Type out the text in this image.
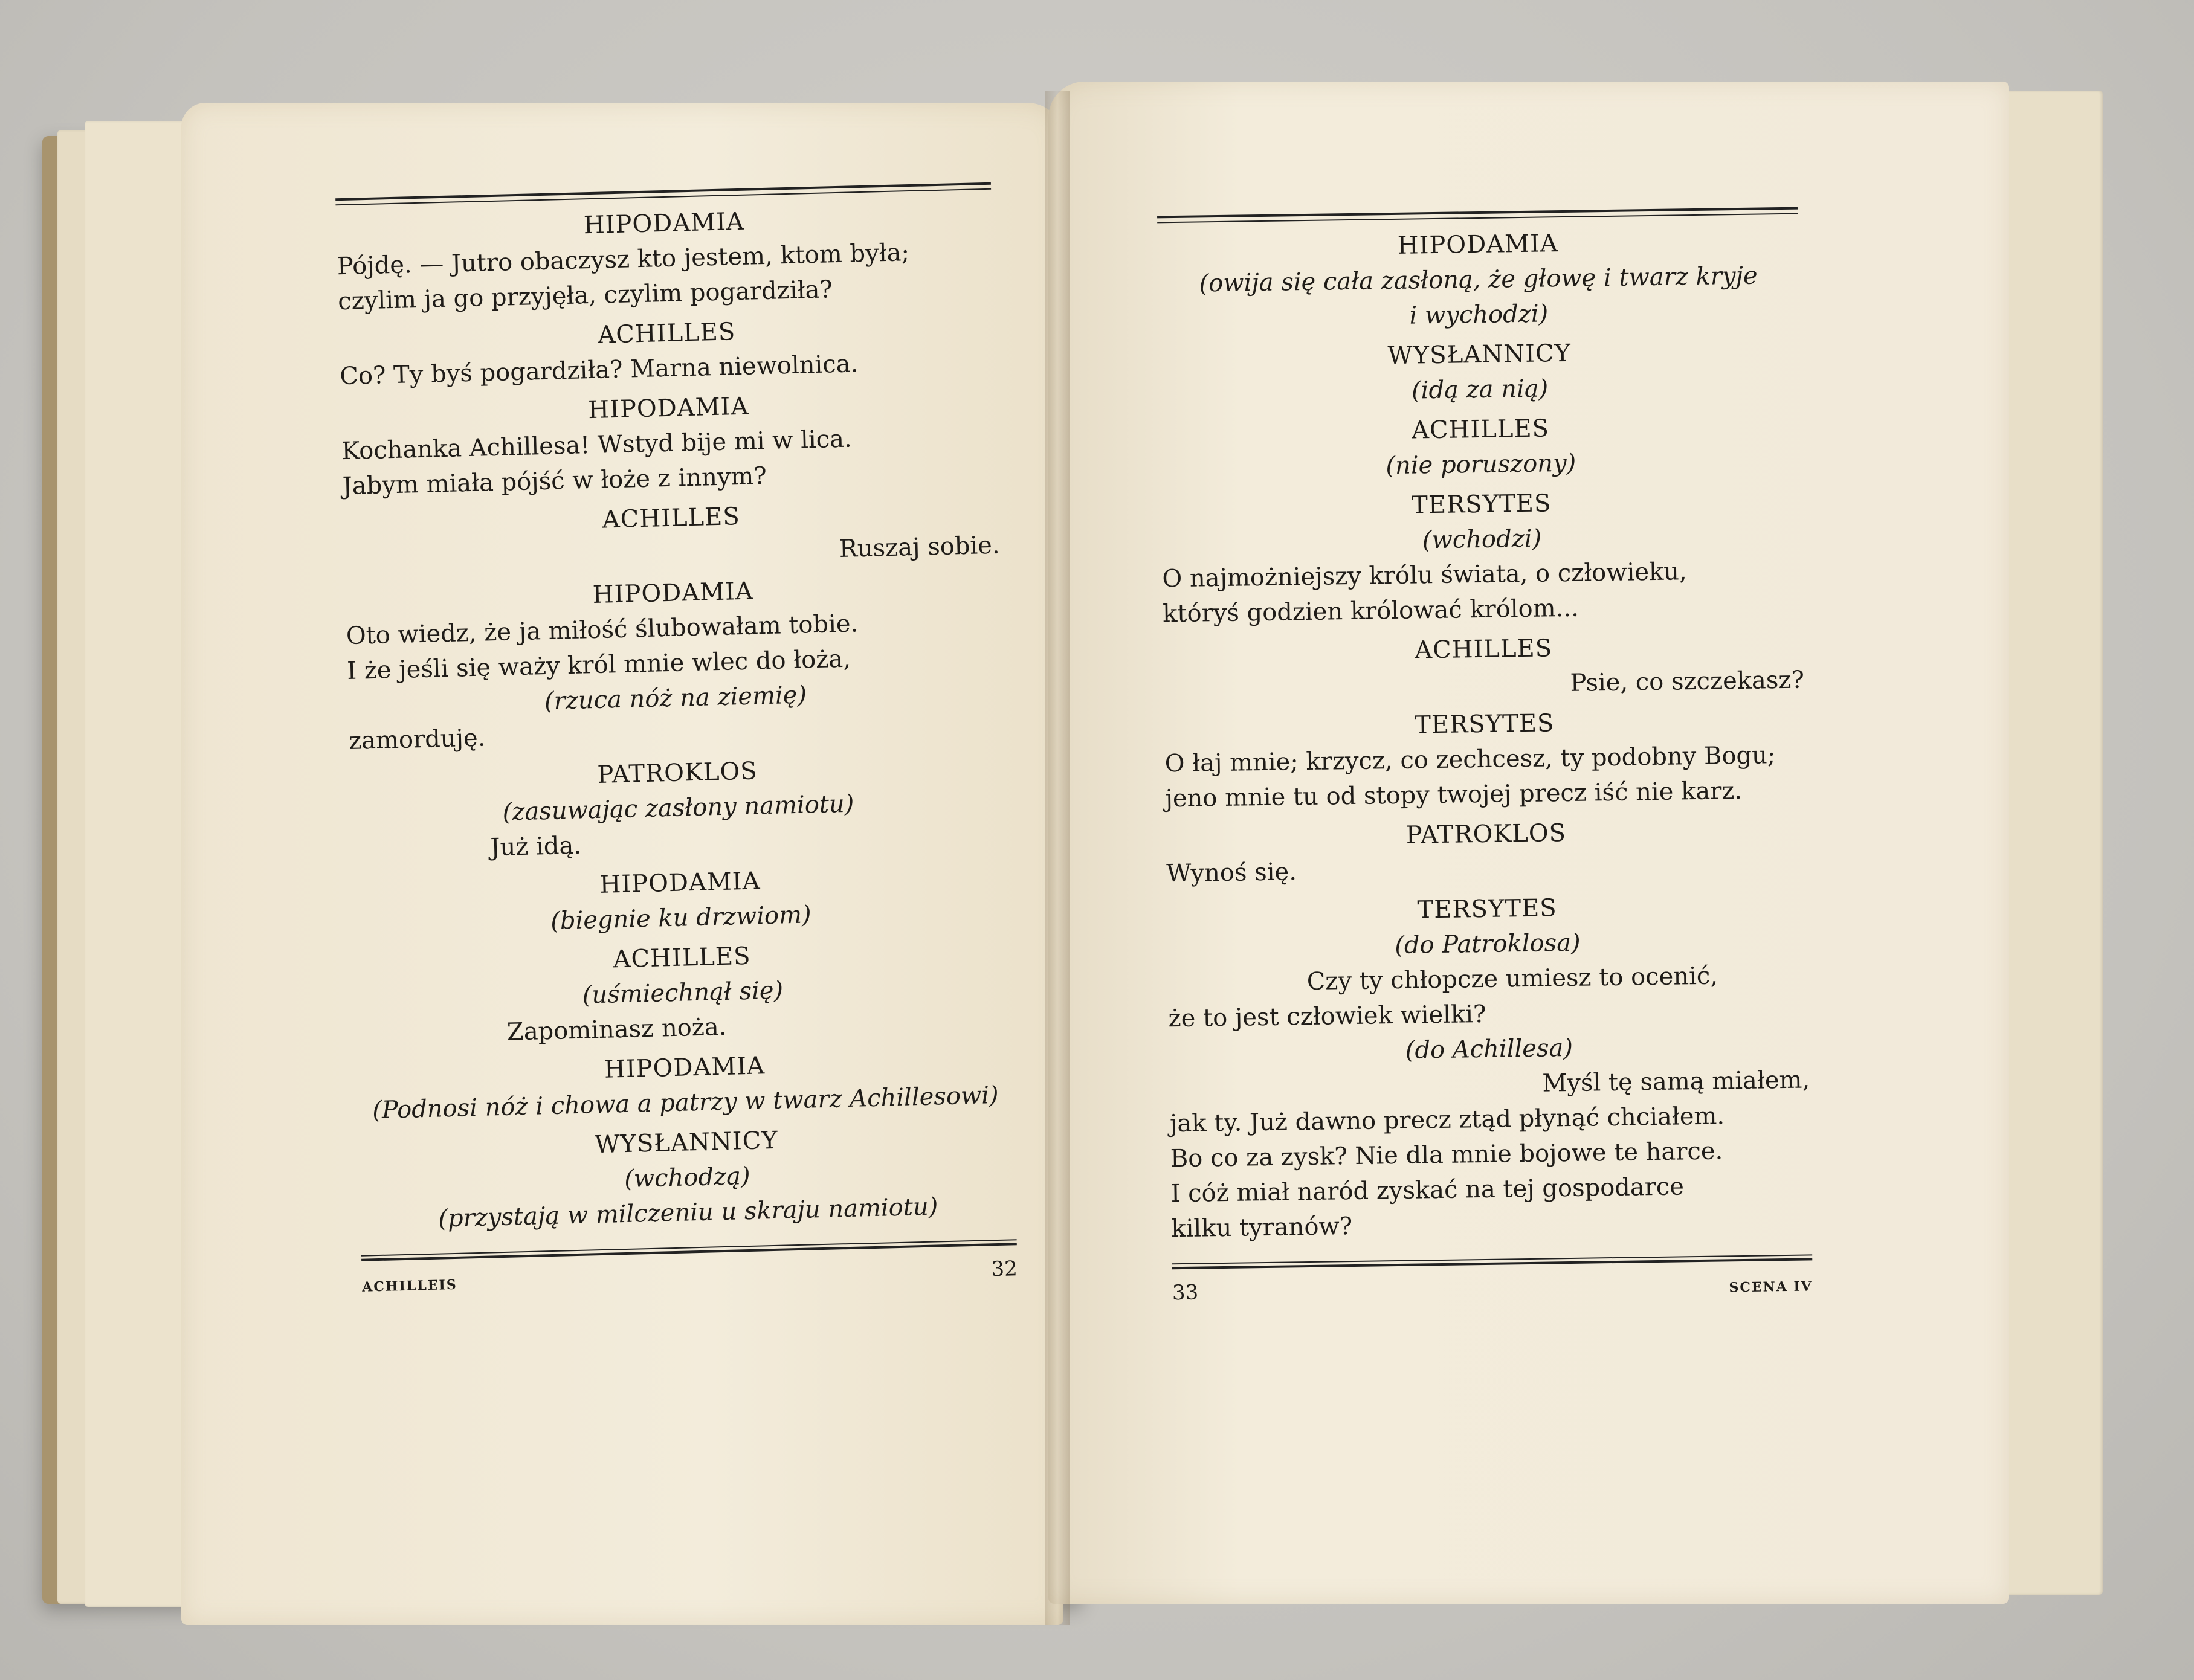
HIPODAMIA
Pójdę. — Jutro obaczysz kto jestem, ktom była;
czylim ja go przyjęła, czylim pogardziła?
ACHILLES
Co? Ty byś pogardziła? Marna niewolnica.
HIPODAMIA
Kochanka Achillesa! Wstyd bije mi w lica.
Jabym miała pójść w łoże z innym?
ACHILLES
Ruszaj sobie.
HIPODAMIA
Oto wiedz, że ja miłość ślubowałam tobie.
I że jeśli się waży król mnie wlec do łoża,
(rzuca nóż na ziemię)
zamorduję.
PATROKLOS
(zasuwając zasłony namiotu)
Już idą.
HIPODAMIA
(biegnie ku drzwiom)
ACHILLES
(uśmiechnął się)
Zapominasz noża.
HIPODAMIA
(Podnosi nóż i chowa a patrzy w twarz Achillesowi)
WYSŁANNICY
(wchodzą)
(przystają w milczeniu u skraju namiotu)
ACHILLEIS
32
HIPODAMIA
(owija się cała zasłoną, że głowę i twarz kryje
i wychodzi)
WYSŁANNICY
(idą za nią)
ACHILLES
(nie poruszony)
TERSYTES
(wchodzi)
O najmożniejszy królu świata, o człowieku,
któryś godzien królować królom...
ACHILLES
Psie, co szczekasz?
TERSYTES
O łaj mnie; krzycz, co zechcesz, ty podobny Bogu;
jeno mnie tu od stopy twojej precz iść nie karz.
PATROKLOS
Wynoś się.
TERSYTES
(do Patroklosa)
Czy ty chłopcze umiesz to ocenić,
że to jest człowiek wielki?
(do Achillesa)
Myśl tę samą miałem,
jak ty. Już dawno precz ztąd płynąć chciałem.
Bo co za zysk? Nie dla mnie bojowe te harce.
I cóż miał naród zyskać na tej gospodarce
kilku tyranów?
33	SCENA IV
